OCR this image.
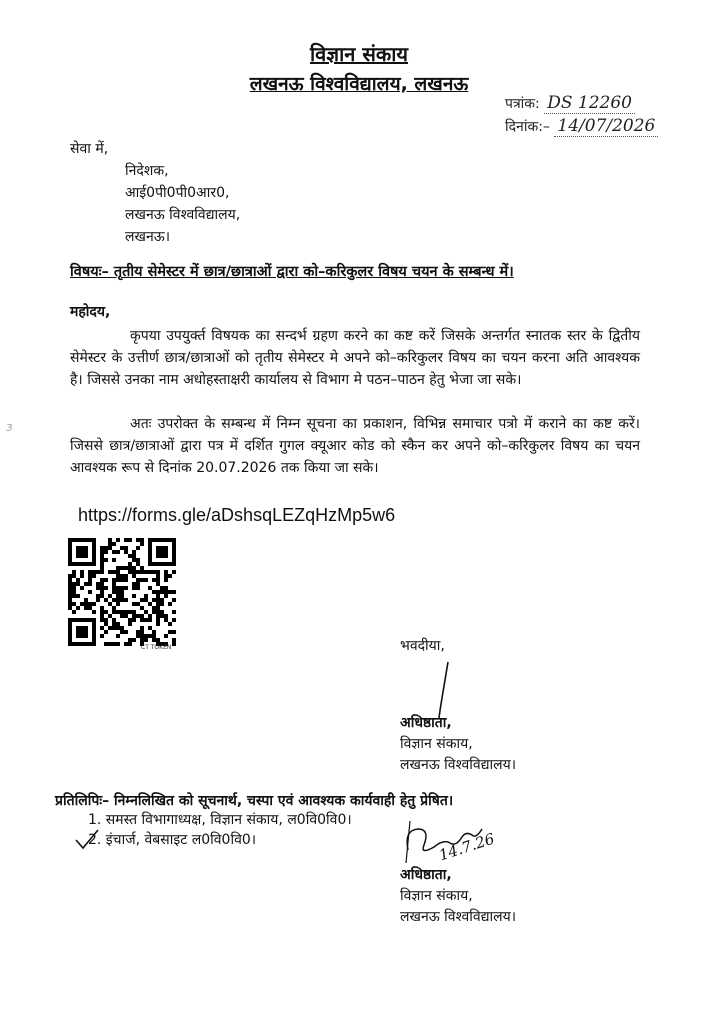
विज्ञान संकाय
लखनऊ विश्वविद्यालय, लखनऊ
पत्रांक: DS 12260
दिनांक:– 14/07/2026
सेवा में,
निदेशक,
आई0पी0पी0आर0,
लखनऊ विश्वविद्यालय,
लखनऊ।
विषयः– तृतीय सेमेस्टर में छात्र/छात्राओं द्वारा को–करिकुलर विषय चयन के सम्बन्ध में।
महोदय,
कृपया उपयुर्क्त विषयक का सन्दर्भ ग्रहण करने का कष्ट करें जिसके अन्तर्गत स्नातक स्तर के द्वितीय सेमेस्टर के उत्तीर्ण छात्र/छात्राओं को तृतीय सेमेस्टर मे अपने को–करिकुलर विषय का चयन करना अति आवश्यक है। जिससे उनका नाम अधोहस्ताक्षरी कार्यालय से विभाग मे पठन–पाठन हेतु भेजा जा सके।
अतः उपरोक्त के सम्बन्ध में निम्न सूचना का प्रकाशन, विभिन्न समाचार पत्रो में कराने का कष्ट करें। जिससे छात्र/छात्राओं द्वारा पत्र में दर्शित गुगल क्यूआर कोड को स्कैन कर अपने को–करिकुलर विषय का चयन आवश्यक रूप से दिनांक 20.07.2026 तक किया जा सके।
https://forms.gle/aDshsqLEZqHzMp5w6
CT TOKEN
ɜ
भवदीया,
अधिष्ठाता,
विज्ञान संकाय,
लखनऊ विश्वविद्यालय।
प्रतिलिपिः– निम्नलिखित को सूचनार्थ, चस्पा एवं आवश्यक कार्यवाही हेतु प्रेषित।
1. समस्त विभागाध्यक्ष, विज्ञान संकाय, ल0वि0वि0।
2. इंचार्ज, वेबसाइट ल0वि0वि0।	14.7.26
अधिष्ठाता,
विज्ञान संकाय,
लखनऊ विश्वविद्यालय।
